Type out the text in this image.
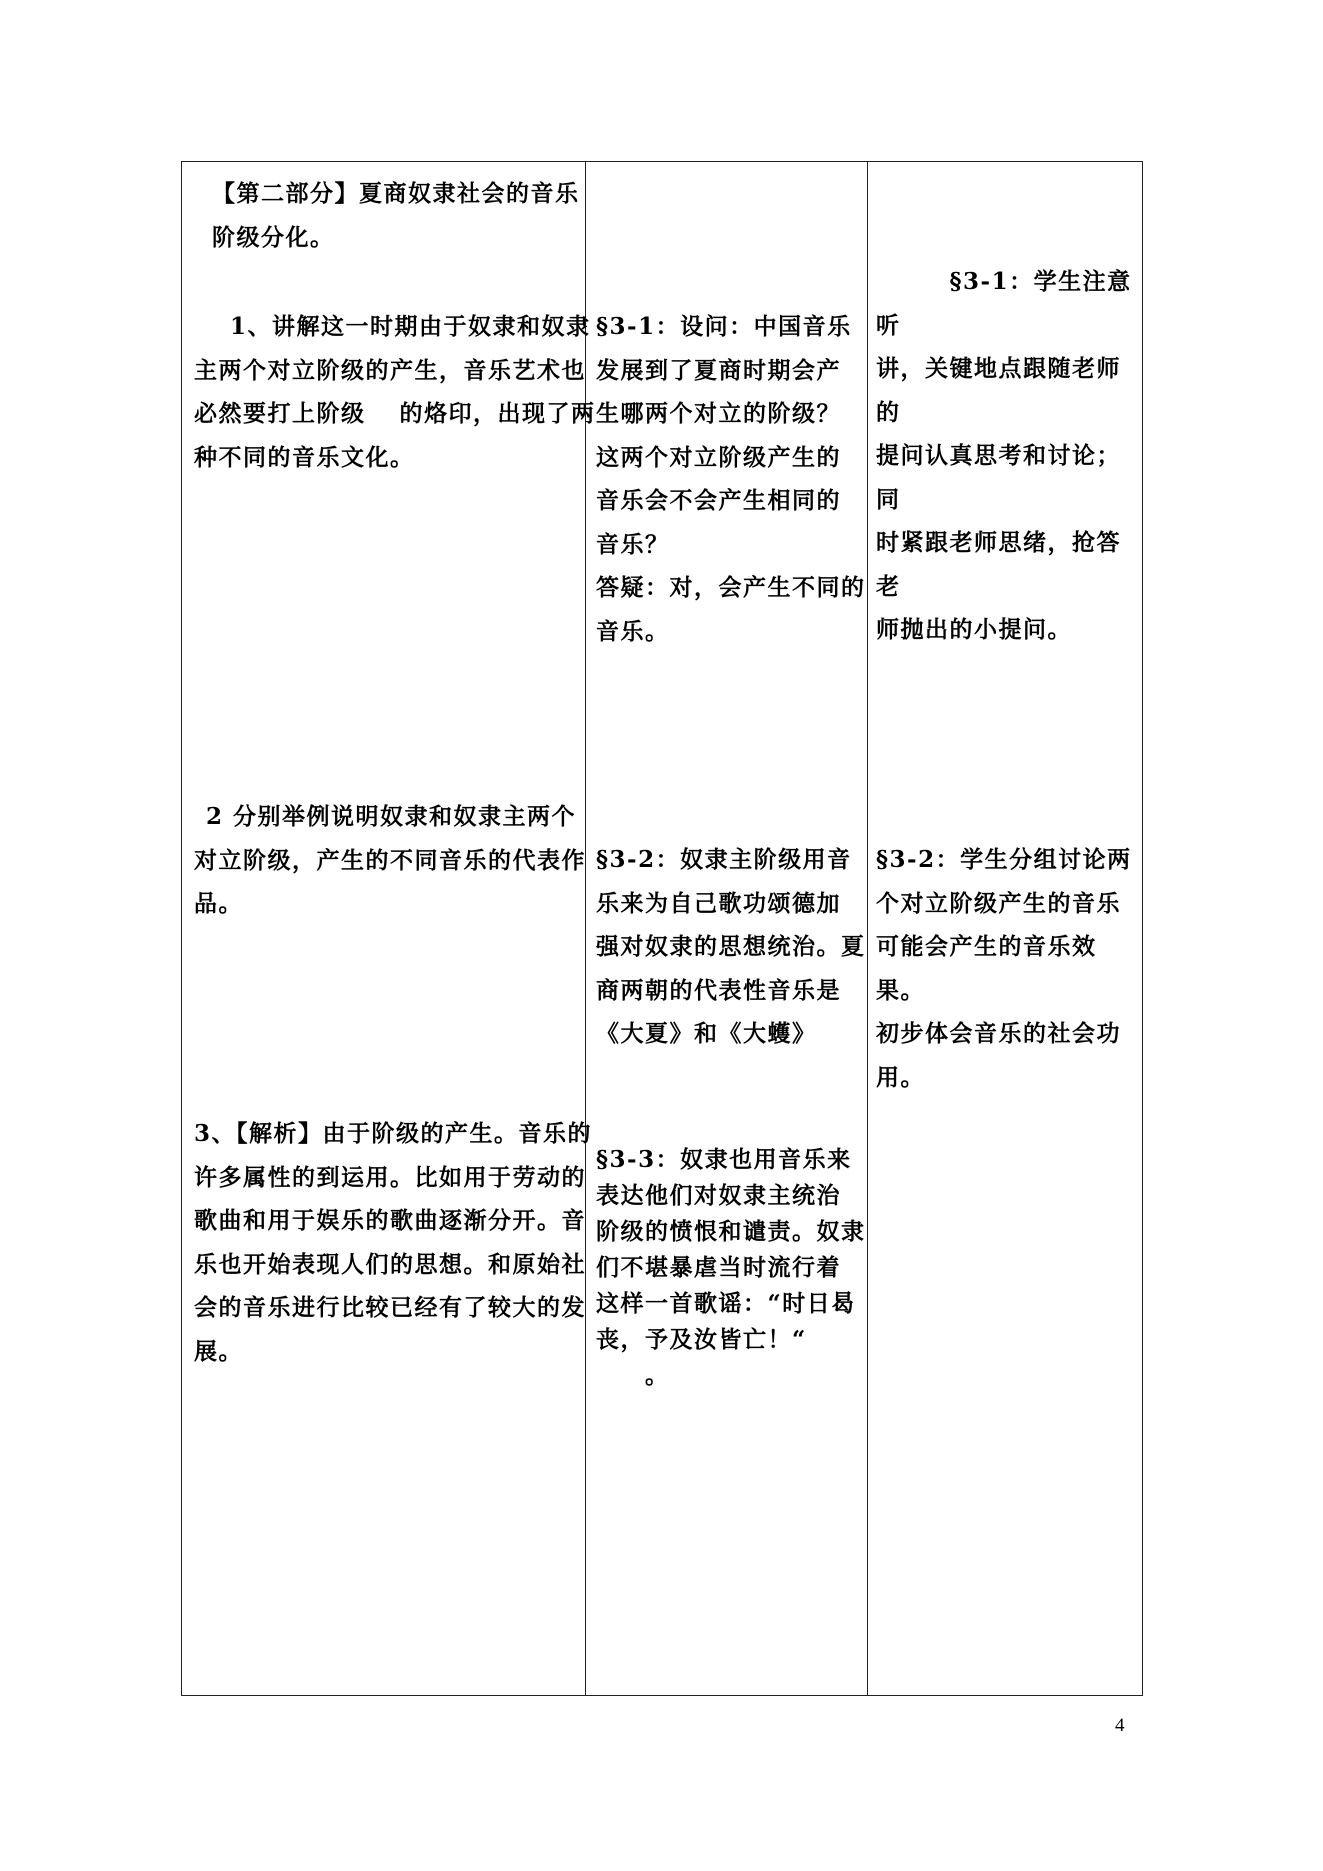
【第二部分】夏商奴隶社会的音乐
阶级分化。
1、讲解这一时期由于奴隶和奴隶
主两个对立阶级的产生，音乐艺术也
必然要打上阶级　 的烙印，出现了两
种不同的音乐文化。
2 分别举例说明奴隶和奴隶主两个
对立阶级，产生的不同音乐的代表作
品。
3、【解析】由于阶级的产生。音乐的
许多属性的到运用。比如用于劳动的
歌曲和用于娱乐的歌曲逐渐分开。音
乐也开始表现人们的思想。和原始社
会的音乐进行比较已经有了较大的发
展。
§3-1：设问：中国音乐
发展到了夏商时期会产
生哪两个对立的阶级？
这两个对立阶级产生的
音乐会不会产生相同的
音乐？
答疑：对，会产生不同的
音乐。
§3-2：奴隶主阶级用音
乐来为自己歌功颂德加
强对奴隶的思想统治。夏
商两朝的代表性音乐是
《大夏》和《大蠖》
§3-3：奴隶也用音乐来
表达他们对奴隶主统治
阶级的愤恨和谴责。奴隶
们不堪暴虐当时流行着
这样一首歌谣：“时日曷
丧，予及汝皆亡！“
　　。
　　　§3-1：学生注意听
讲，关键地点跟随老师的
提问认真思考和讨论；同
时紧跟老师思绪，抢答老
师抛出的小提问。
§3-2：学生分组讨论两
个对立阶级产生的音乐
可能会产生的音乐效果。
初步体会音乐的社会功
用。
4
